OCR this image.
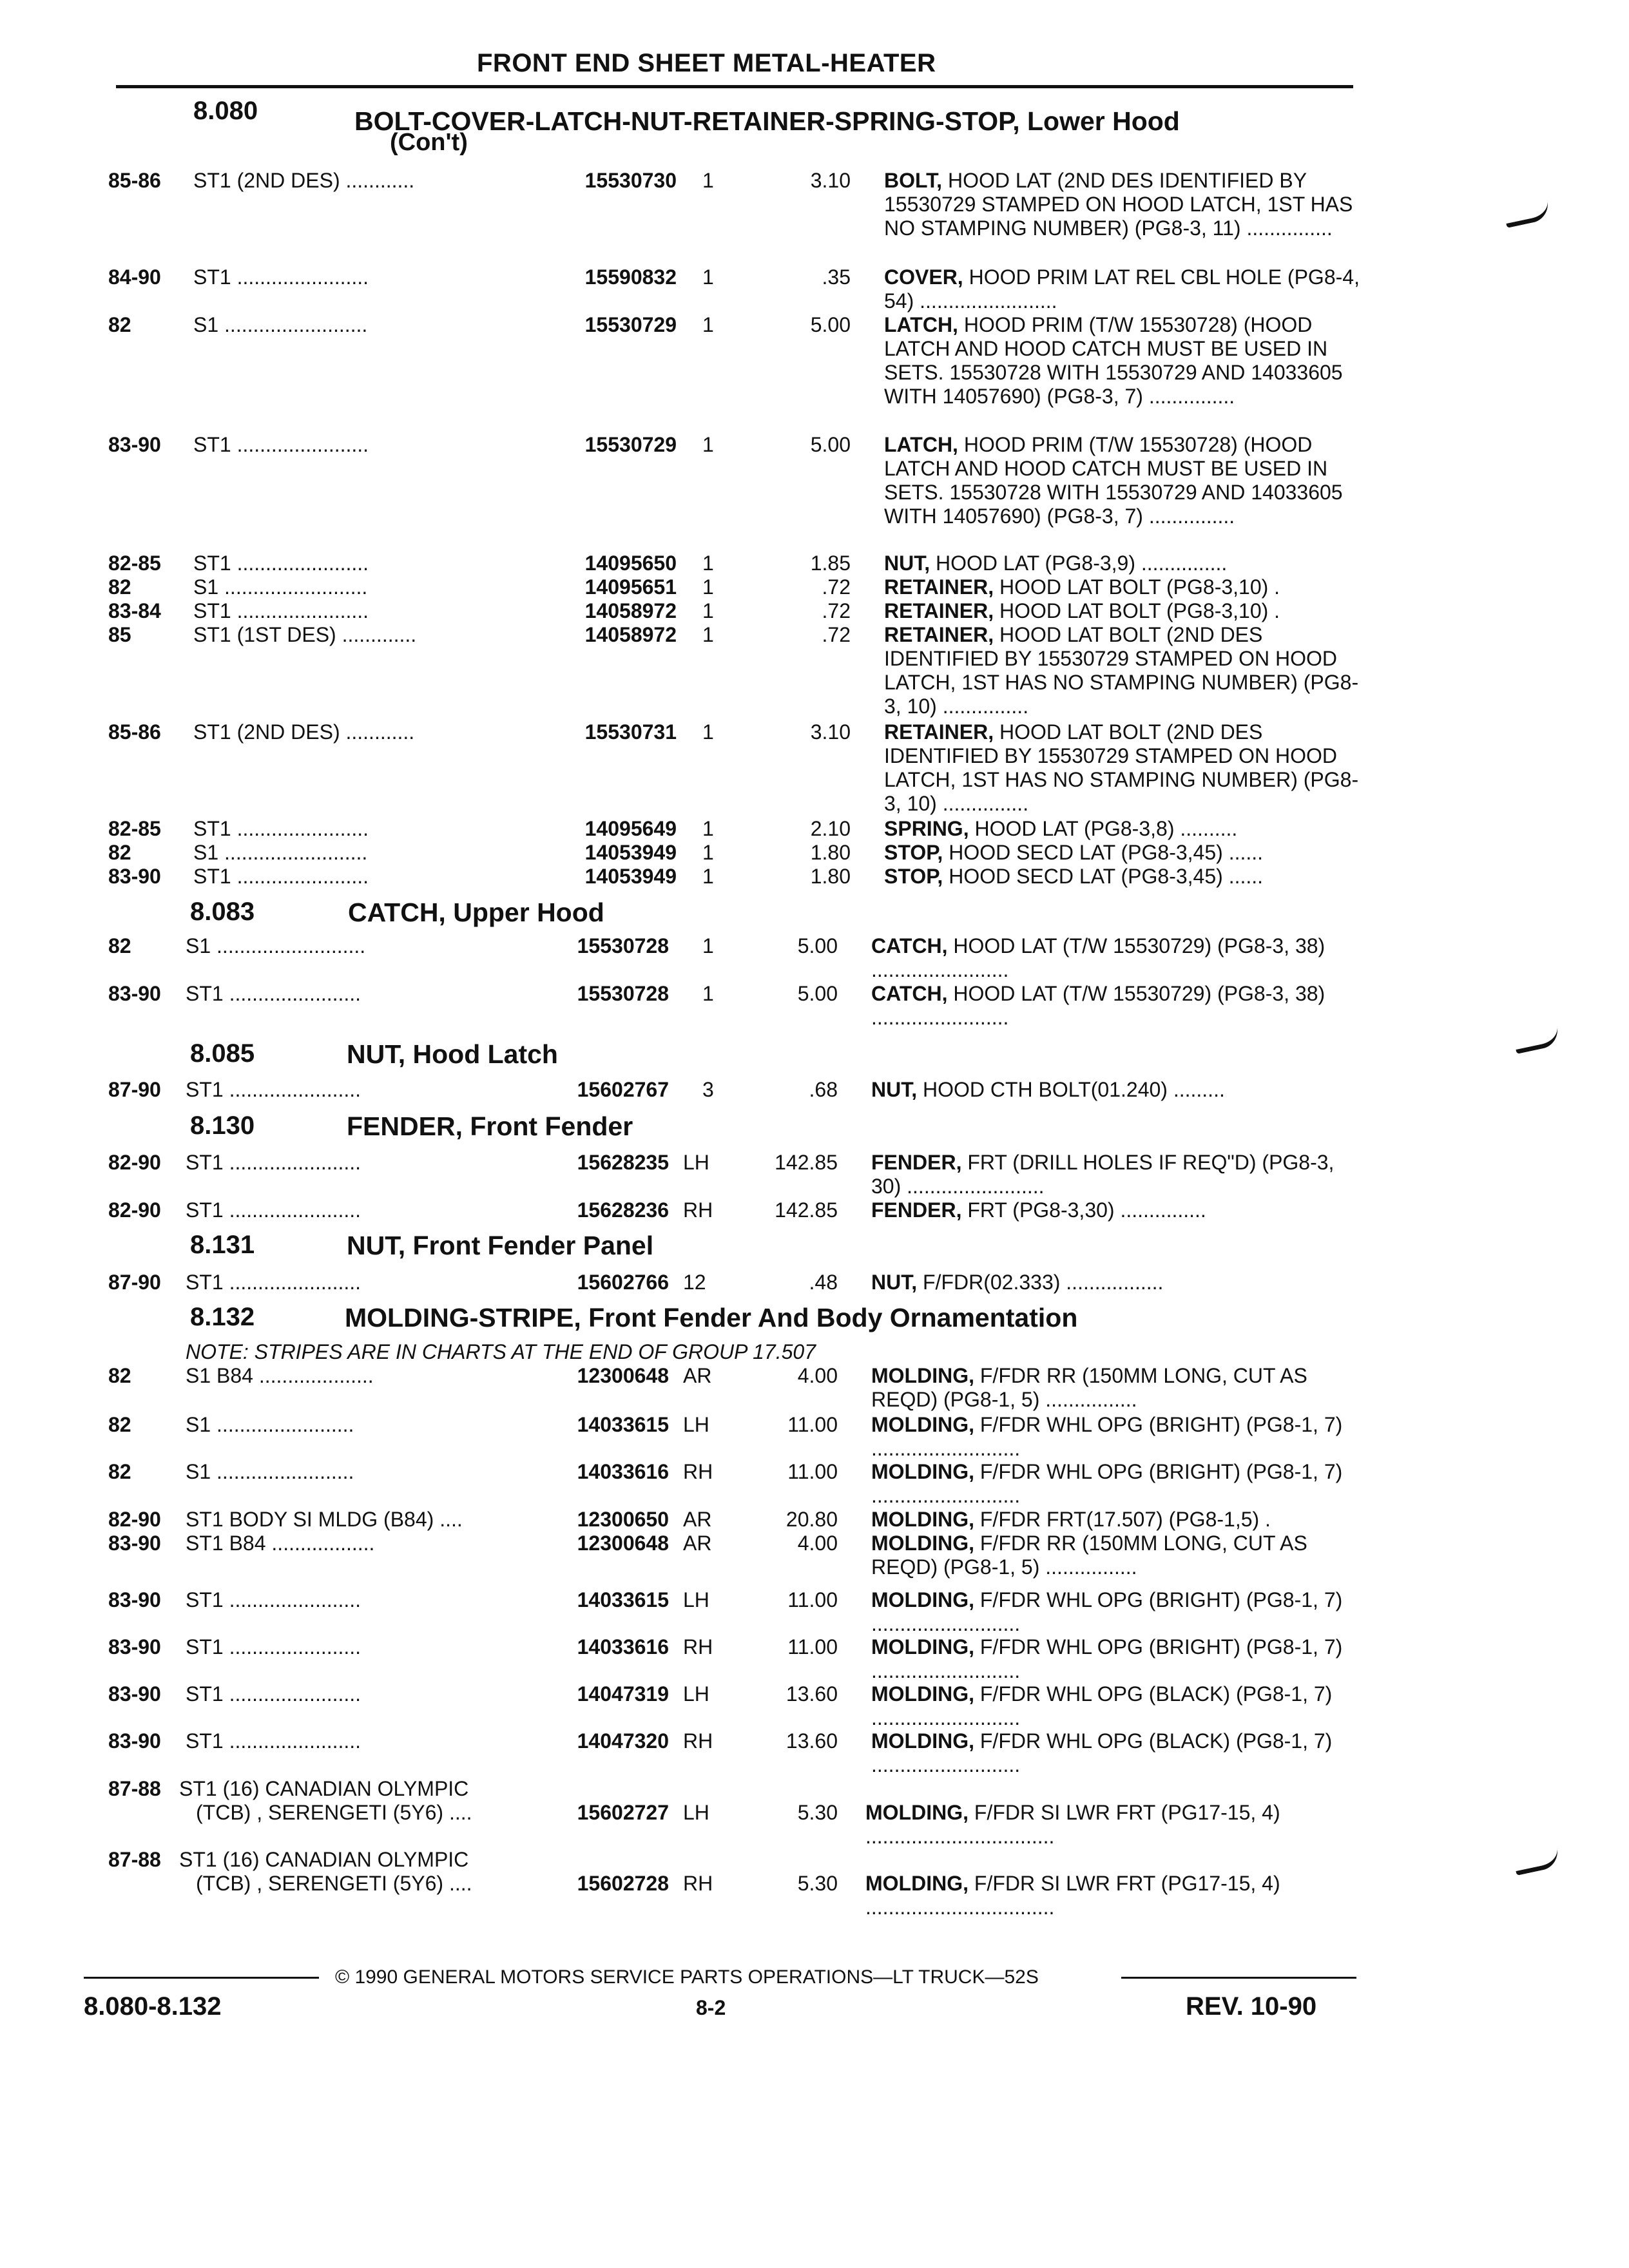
FRONT END SHEET METAL-HEATER
8.080	BOLT-COVER-LATCH-NUT-RETAINER-SPRING-STOP, Lower Hood
(Con't)
85-86	ST1 (2ND DES) ............	15530730 1	3.10 BOLT, HOOD LAT (2ND DES IDENTIFIED BY 15530729 STAMPED ON HOOD LATCH, 1ST HAS NO STAMPING NUMBER) (PG8-3, 11) ...............
84-90	ST1 .......................	15590832 1	.35 COVER, HOOD PRIM LAT REL CBL HOLE (PG8-4, 54) ........................
82	S1 .........................	15530729 1	5.00 LATCH, HOOD PRIM (T/W 15530728) (HOOD LATCH AND HOOD CATCH MUST BE USED IN SETS. 15530728 WITH 15530729 AND 14033605 WITH 14057690) (PG8-3, 7) ...............
83-90	ST1 .......................	15530729 1	5.00 LATCH, HOOD PRIM (T/W 15530728) (HOOD LATCH AND HOOD CATCH MUST BE USED IN SETS. 15530728 WITH 15530729 AND 14033605 WITH 14057690) (PG8-3, 7) ...............
82-85	ST1 .......................	14095650 1	1.85 NUT, HOOD LAT (PG8-3,9) ...............
82	S1 .........................	14095651 1	.72 RETAINER, HOOD LAT BOLT (PG8-3,10) .
83-84	ST1 .......................	14058972 1	.72 RETAINER, HOOD LAT BOLT (PG8-3,10) .
85	ST1 (1ST DES) .............	14058972 1	.72 RETAINER, HOOD LAT BOLT (2ND DES IDENTIFIED BY 15530729 STAMPED ON HOOD LATCH, 1ST HAS NO STAMPING NUMBER) (PG8-3, 10) ...............
85-86	ST1 (2ND DES) ............	15530731 1	3.10 RETAINER, HOOD LAT BOLT (2ND DES IDENTIFIED BY 15530729 STAMPED ON HOOD LATCH, 1ST HAS NO STAMPING NUMBER) (PG8-3, 10) ...............
82-85	ST1 .......................	14095649 1	2.10 SPRING, HOOD LAT (PG8-3,8) ..........
82	S1 .........................	14053949 1	1.80 STOP, HOOD SECD LAT (PG8-3,45) ......
83-90	ST1 .......................	14053949 1	1.80 STOP, HOOD SECD LAT (PG8-3,45) ......
8.083	CATCH, Upper Hood
82	S1 ..........................	15530728 1	5.00 CATCH, HOOD LAT (T/W 15530729) (PG8-3, 38) ........................
83-90	ST1 .......................	15530728 1	5.00 CATCH, HOOD LAT (T/W 15530729) (PG8-3, 38) ........................
8.085	NUT, Hood Latch
87-90	ST1 .......................	15602767 3	.68 NUT, HOOD CTH BOLT(01.240) .........
8.130	FENDER, Front Fender
82-90	ST1 .......................	15628235 LH	142.85 FENDER, FRT (DRILL HOLES IF REQ"D) (PG8-3, 30) ........................
82-90	ST1 .......................	15628236 RH	142.85 FENDER, FRT (PG8-3,30) ...............
8.131	NUT, Front Fender Panel
87-90	ST1 .......................	15602766 12	.48 NUT, F/FDR(02.333) .................
8.132	MOLDING-STRIPE, Front Fender And Body Ornamentation
NOTE: STRIPES ARE IN CHARTS AT THE END OF GROUP 17.507
82	S1 B84 ....................	12300648 AR	4.00 MOLDING, F/FDR RR (150MM LONG, CUT AS REQD) (PG8-1, 5) ................
82	S1 ........................	14033615 LH	11.00 MOLDING, F/FDR WHL OPG (BRIGHT) (PG8-1, 7) ..........................
82	S1 ........................	14033616 RH	11.00 MOLDING, F/FDR WHL OPG (BRIGHT) (PG8-1, 7) ..........................
82-90	ST1 BODY SI MLDG (B84) ....	12300650 AR	20.80 MOLDING, F/FDR FRT(17.507) (PG8-1,5) .
83-90	ST1 B84 ..................	12300648 AR	4.00 MOLDING, F/FDR RR (150MM LONG, CUT AS REQD) (PG8-1, 5) ................
83-90	ST1 .......................	14033615 LH	11.00 MOLDING, F/FDR WHL OPG (BRIGHT) (PG8-1, 7) ..........................
83-90	ST1 .......................	14033616 RH	11.00 MOLDING, F/FDR WHL OPG (BRIGHT) (PG8-1, 7) ..........................
83-90	ST1 .......................	14047319 LH	13.60 MOLDING, F/FDR WHL OPG (BLACK) (PG8-1, 7) ..........................
83-90	ST1 .......................	14047320 RH	13.60 MOLDING, F/FDR WHL OPG (BLACK) (PG8-1, 7) ..........................
87-88 ST1 (16) CANADIAN OLYMPIC
(TCB) , SERENGETI (5Y6) ....	15602727 LH	5.30 MOLDING, F/FDR SI LWR FRT (PG17-15, 4) .................................
87-88 ST1 (16) CANADIAN OLYMPIC
(TCB) , SERENGETI (5Y6) ....	15602728 RH	5.30 MOLDING, F/FDR SI LWR FRT (PG17-15, 4) .................................
© 1990 GENERAL MOTORS SERVICE PARTS OPERATIONS—LT TRUCK—52S
8.080-8.132	8-2	REV. 10-90
